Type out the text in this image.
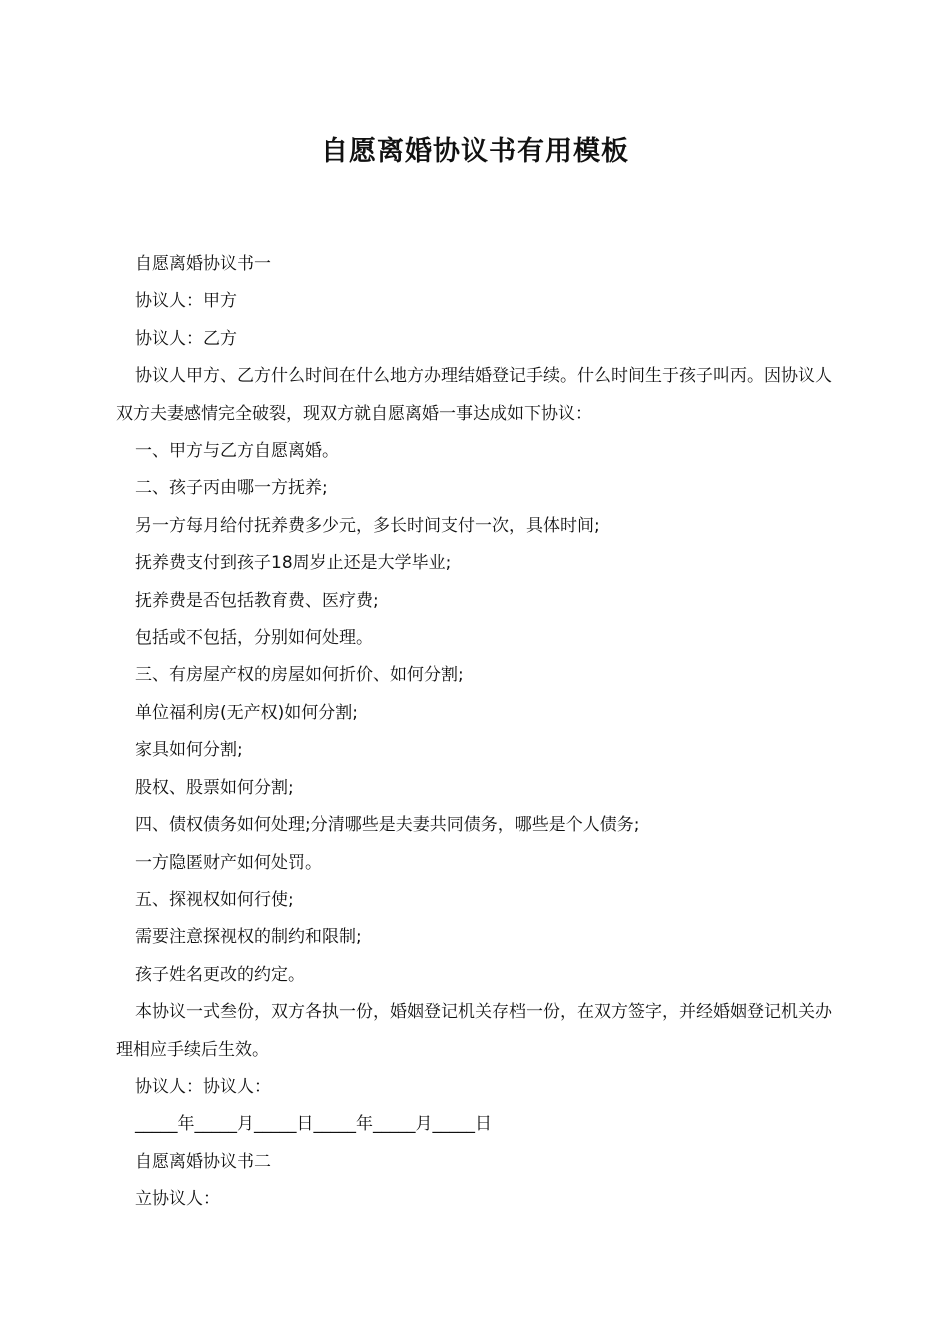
自愿离婚协议书有用模板

自愿离婚协议书一

协议人：甲方

协议人：乙方

协议人甲方、乙方什么时间在什么地方办理结婚登记手续。什么时间生于孩子叫丙。因协议人双方夫妻感情完全破裂，现双方就自愿离婚一事达成如下协议：

一、甲方与乙方自愿离婚。

二、孩子丙由哪一方抚养;

另一方每月给付抚养费多少元，多长时间支付一次，具体时间;

抚养费支付到孩子18周岁止还是大学毕业;

抚养费是否包括教育费、医疗费;

包括或不包括，分别如何处理。

三、有房屋产权的房屋如何折价、如何分割;

单位福利房(无产权)如何分割;

家具如何分割;

股权、股票如何分割;

四、债权债务如何处理;分清哪些是夫妻共同债务，哪些是个人债务;

一方隐匿财产如何处罚。

五、探视权如何行使;

需要注意探视权的制约和限制;

孩子姓名更改的约定。

本协议一式叁份，双方各执一份，婚姻登记机关存档一份，在双方签字，并经婚姻登记机关办理相应手续后生效。

协议人：协议人：

_____年_____月_____日_____年_____月_____日

自愿离婚协议书二

立协议人：
